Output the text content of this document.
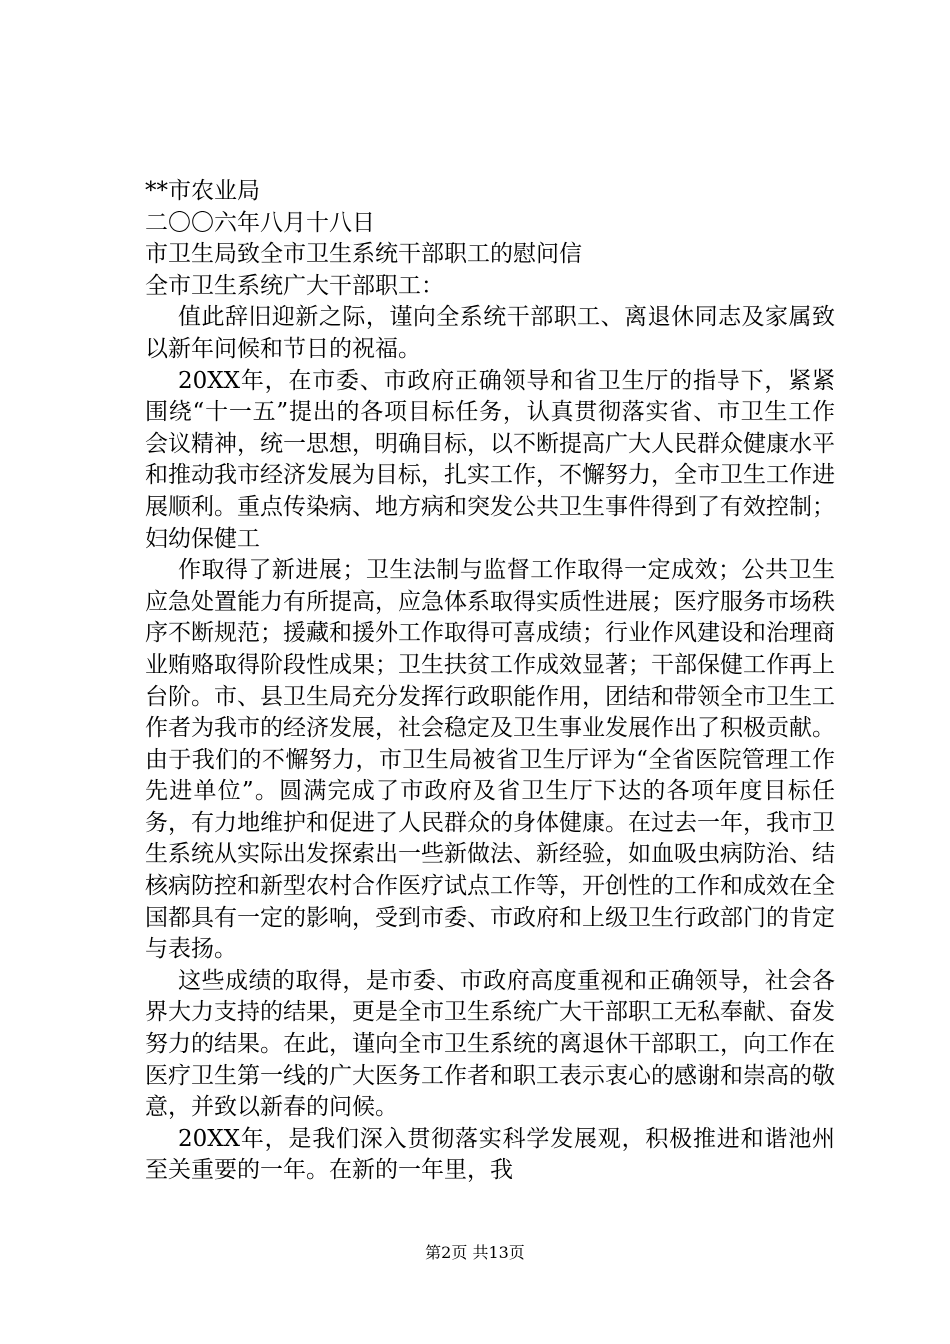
**市农业局

二〇〇六年八月十八日

市卫生局致全市卫生系统干部职工的慰问信

全市卫生系统广大干部职工：

值此辞旧迎新之际，谨向全系统干部职工、离退休同志及家属致以新年问候和节日的祝福。

20XX年，在市委、市政府正确领导和省卫生厅的指导下，紧紧围绕“十一五”提出的各项目标任务，认真贯彻落实省、市卫生工作会议精神，统一思想，明确目标，以不断提高广大人民群众健康水平和推动我市经济发展为目标，扎实工作，不懈努力，全市卫生工作进展顺利。重点传染病、地方病和突发公共卫生事件得到了有效控制；妇幼保健工

作取得了新进展；卫生法制与监督工作取得一定成效；公共卫生应急处置能力有所提高，应急体系取得实质性进展；医疗服务市场秩序不断规范；援藏和援外工作取得可喜成绩；行业作风建设和治理商业贿赂取得阶段性成果；卫生扶贫工作成效显著；干部保健工作再上台阶。市、县卫生局充分发挥行政职能作用，团结和带领全市卫生工作者为我市的经济发展，社会稳定及卫生事业发展作出了积极贡献。由于我们的不懈努力，市卫生局被省卫生厅评为“全省医院管理工作先进单位”。圆满完成了市政府及省卫生厅下达的各项年度目标任务，有力地维护和促进了人民群众的身体健康。在过去一年，我市卫生系统从实际出发探索出一些新做法、新经验，如血吸虫病防治、结核病防控和新型农村合作医疗试点工作等，开创性的工作和成效在全国都具有一定的影响，受到市委、市政府和上级卫生行政部门的肯定与表扬。

这些成绩的取得，是市委、市政府高度重视和正确领导，社会各界大力支持的结果，更是全市卫生系统广大干部职工无私奉献、奋发努力的结果。在此，谨向全市卫生系统的离退休干部职工，向工作在医疗卫生第一线的广大医务工作者和职工表示衷心的感谢和崇高的敬意，并致以新春的问候。

20XX年，是我们深入贯彻落实科学发展观，积极推进和谐池州至关重要的一年。在新的一年里，我

第2页 共13页
